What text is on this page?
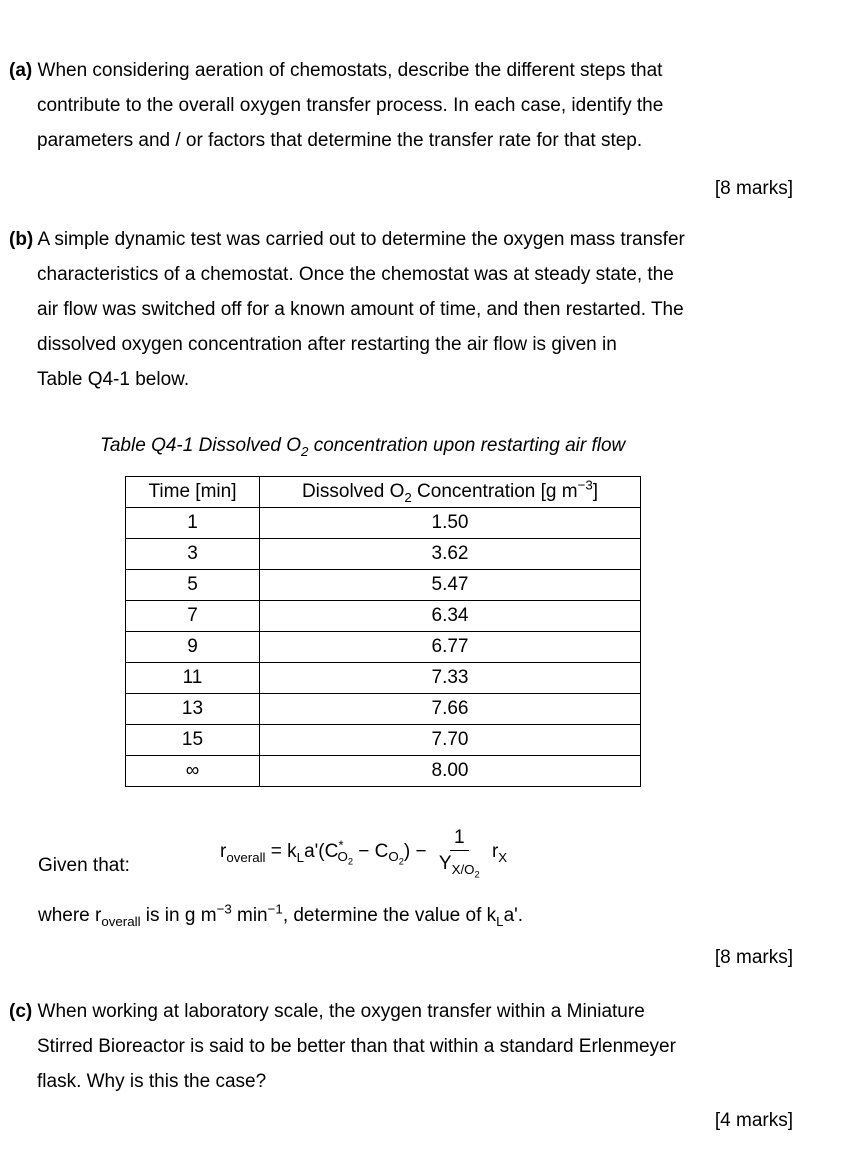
(a) When considering aeration of chemostats, describe the different steps that
contribute to the overall oxygen transfer process. In each case, identify the
parameters and / or factors that determine the transfer rate for that step.
[8 marks]
(b) A simple dynamic test was carried out to determine the oxygen mass transfer
characteristics of a chemostat. Once the chemostat was at steady state, the
air flow was switched off for a known amount of time, and then restarted. The
dissolved oxygen concentration after restarting the air flow is given in
Table Q4-1 below.
Table Q4-1 Dissolved $O_2$ concentration upon restarting air flow
Time [min]	Dissolved $O_2$ Concentration [g $m^{-3}$]
1	1.50
3	3.62
5	5.47
7	6.34
9	6.77
11	7.33
13	7.66
15	7.70
∞	8.00
Given that:
$r_{overall} = k_La'(C^*_{O_2} - C_{O_2}) - \frac{1}{Y_{X/O_2}} r_X$
where $r_{overall}$ is in g $m^{-3}$ $\min^{-1}$, determine the value of $k_La'$.
[8 marks]
(c) When working at laboratory scale, the oxygen transfer within a Miniature
Stirred Bioreactor is said to be better than that within a standard Erlenmeyer
flask. Why is this the case?
[4 marks]
